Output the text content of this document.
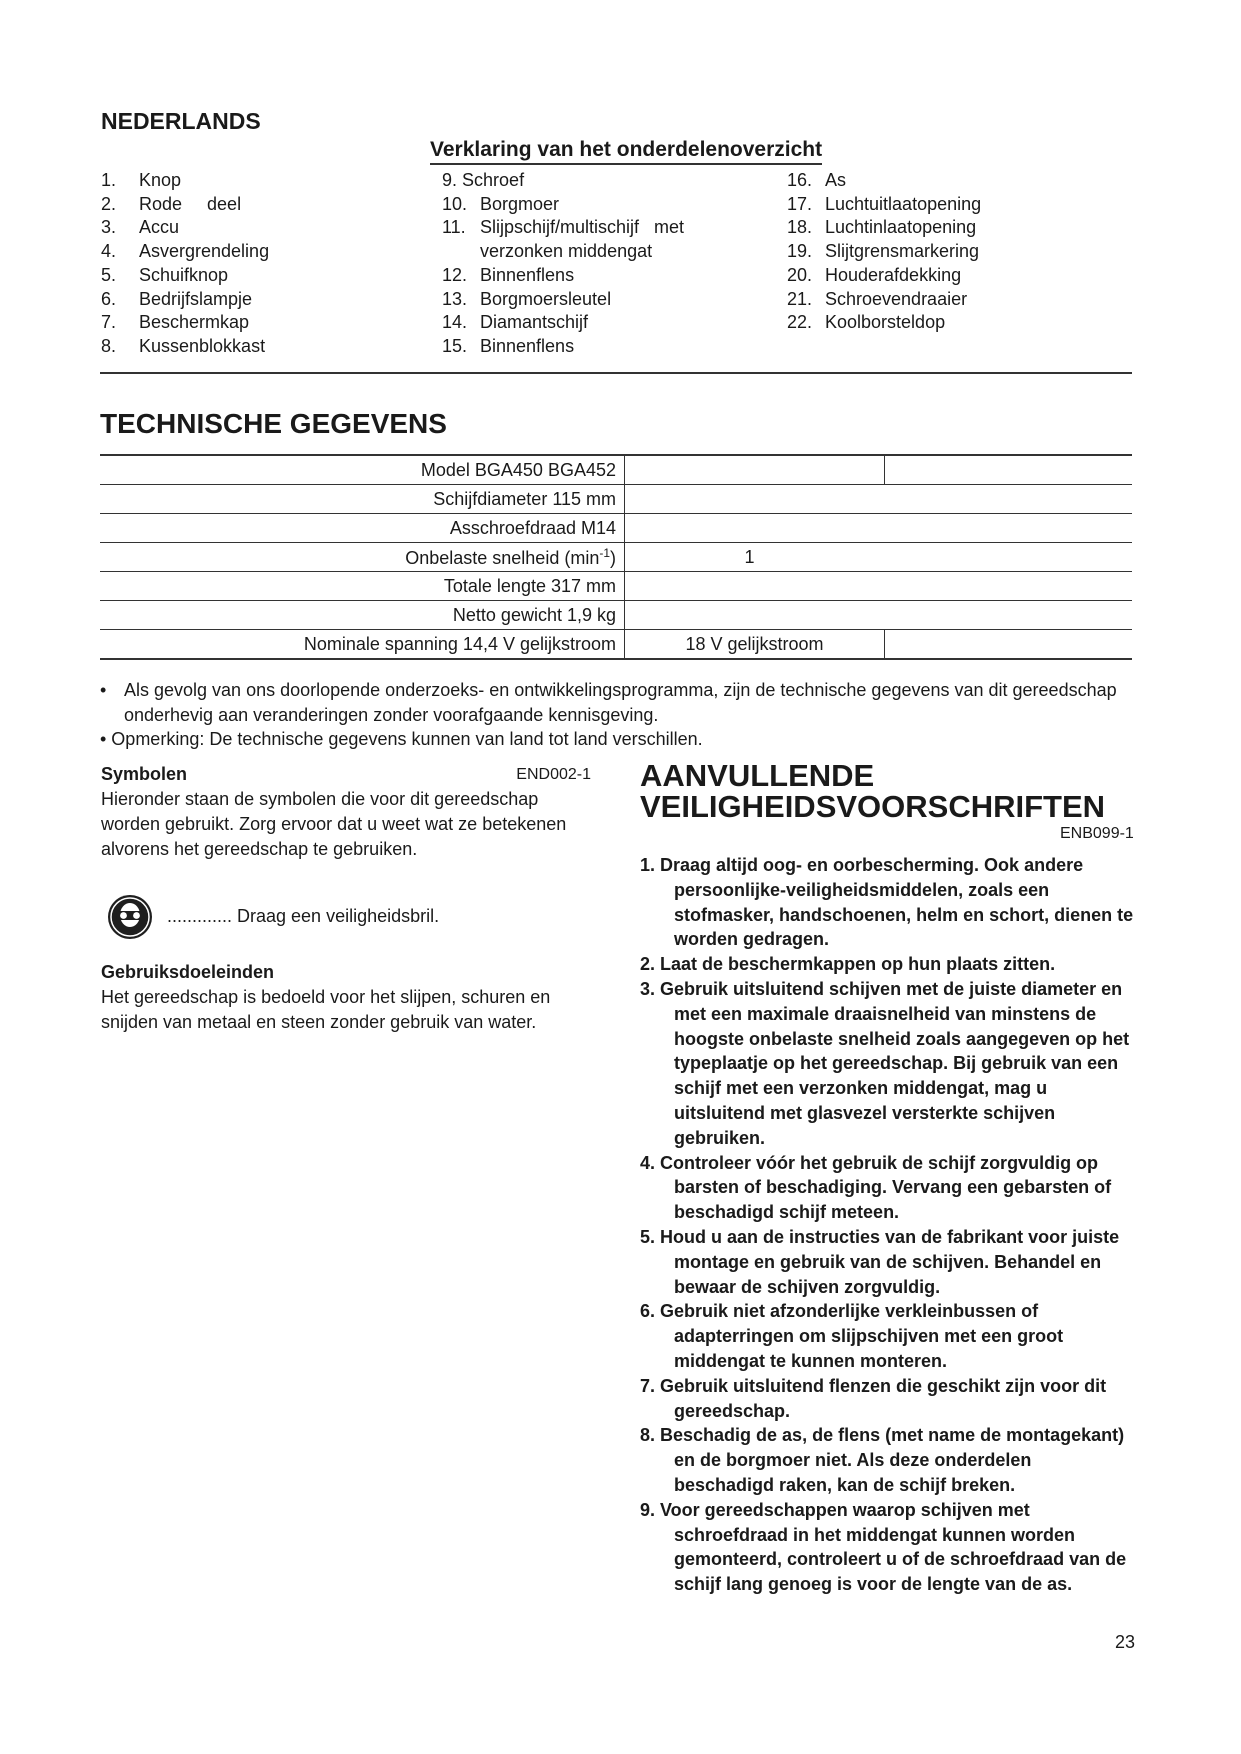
NEDERLANDS
Verklaring van het onderdelenoverzicht
1. Knop
2. Rode     deel
3. Accu
4. Asvergrendeling
5. Schuifknop
6. Bedrijfslampje
7. Beschermkap
8. Kussenblokkast
9. Schroef
10. Borgmoer
11. Slijpschijf/multischijf   met
verzonken middengat
12. Binnenflens
13. Borgmoersleutel
14. Diamantschijf
15. Binnenflens
16. As
17. Luchtuitlaatopening
18. Luchtinlaatopening
19. Slijtgrensmarkering
20. Houderafdekking
21. Schroevendraaier
22. Koolborsteldop
TECHNISCHE GEGEVENS
Model BGA450 BGA452		
Schijfdiameter 115 mm		
Asschroefdraad M14		
Onbelaste snelheid $(\min^{-1})$	1	
Totale lengte 317 mm		
Netto gewicht 1,9 kg		
Nominale spanning 14,4 V gelijkstroom	18 V gelijkstroom	
• Als gevolg van ons doorlopende onderzoeks- en ontwikkelingsprogramma, zijn de technische gegevens van dit gereedschap onderhevig aan veranderingen zonder voorafgaande kennisgeving.
• Opmerking: De technische gegevens kunnen van land tot land verschillen.
Symbolen	END002-1
Hieronder staan de symbolen die voor dit gereedschap worden gebruikt. Zorg ervoor dat u weet wat ze betekenen alvorens het gereedschap te gebruiken.
............. Draag een veiligheidsbril.
Gebruiksdoeleinden
Het gereedschap is bedoeld voor het slijpen, schuren en snijden van metaal en steen zonder gebruik van water.
AANVULLENDE
VEILIGHEIDSVOORSCHRIFTEN
ENB099-1
1. Draag altijd oog- en oorbescherming. Ook andere persoonlijke-veiligheidsmiddelen, zoals een stofmasker, handschoenen, helm en schort, dienen te worden gedragen.
2. Laat de beschermkappen op hun plaats zitten.
3. Gebruik uitsluitend schijven met de juiste diameter en met een maximale draaisnelheid van minstens de hoogste onbelaste snelheid zoals aangegeven op het typeplaatje op het gereedschap. Bij gebruik van een schijf met een verzonken middengat, mag u uitsluitend met glasvezel versterkte schijven gebruiken.
4. Controleer vóór het gebruik de schijf zorgvuldig op barsten of beschadiging. Vervang een gebarsten of beschadigd schijf meteen.
5. Houd u aan de instructies van de fabrikant voor juiste montage en gebruik van de schijven. Behandel en bewaar de schijven zorgvuldig.
6. Gebruik niet afzonderlijke verkleinbussen of adapterringen om slijpschijven met een groot middengat te kunnen monteren.
7. Gebruik uitsluitend flenzen die geschikt zijn voor dit gereedschap.
8. Beschadig de as, de flens (met name de montagekant) en de borgmoer niet. Als deze onderdelen beschadigd raken, kan de schijf breken.
9. Voor gereedschappen waarop schijven met schroefdraad in het middengat kunnen worden gemonteerd, controleert u of de schroefdraad van de schijf lang genoeg is voor de lengte van de as.
23
